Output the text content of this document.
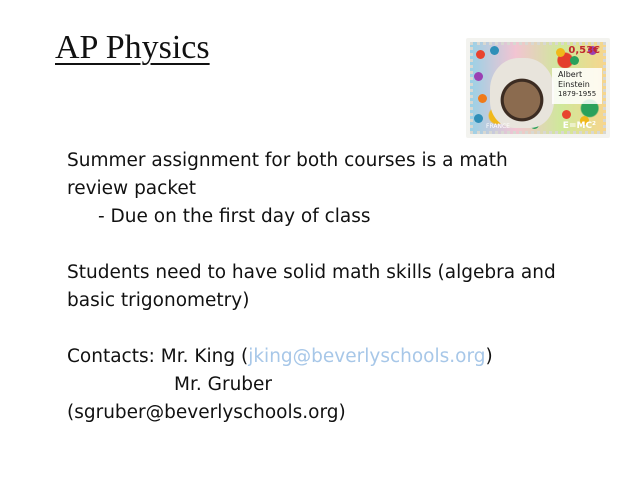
AP Physics	0,53€
Albert
Einstein
1879-1955
FRANCE	E=MC²

Summer assignment for both courses is a math

review packet

- Due on the first day of class

Students need to have solid math skills (algebra and

basic trigonometry)

Contacts: Mr. King (jking@beverlyschools.org)

Mr. Gruber

(sgruber@beverlyschools.org)
